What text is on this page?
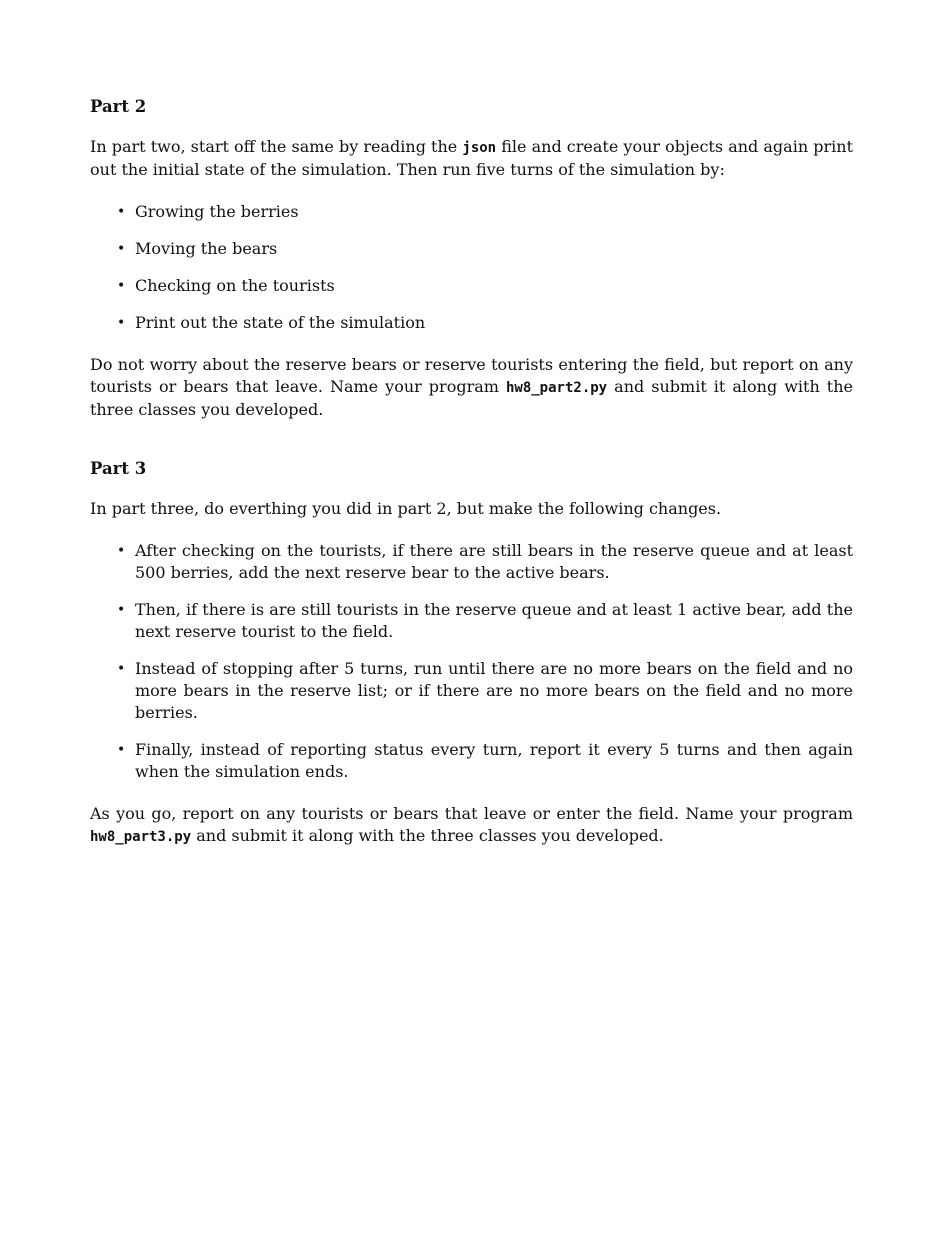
Part 2

In part two, start off the same by reading the json file and create your objects and again print out the initial state of the simulation. Then run five turns of the simulation by:

• Growing the berries
• Moving the bears
• Checking on the tourists
• Print out the state of the simulation

Do not worry about the reserve bears or reserve tourists entering the field, but report on any tourists or bears that leave. Name your program hw8_part2.py and submit it along with the three classes you developed.

Part 3

In part three, do everthing you did in part 2, but make the following changes.

• After checking on the tourists, if there are still bears in the reserve queue and at least 500 berries, add the next reserve bear to the active bears.
• Then, if there is are still tourists in the reserve queue and at least 1 active bear, add the next reserve tourist to the field.
• Instead of stopping after 5 turns, run until there are no more bears on the field and no more bears in the reserve list; or if there are no more bears on the field and no more berries.
• Finally, instead of reporting status every turn, report it every 5 turns and then again when the simulation ends.

As you go, report on any tourists or bears that leave or enter the field. Name your program hw8_part3.py and submit it along with the three classes you developed.
